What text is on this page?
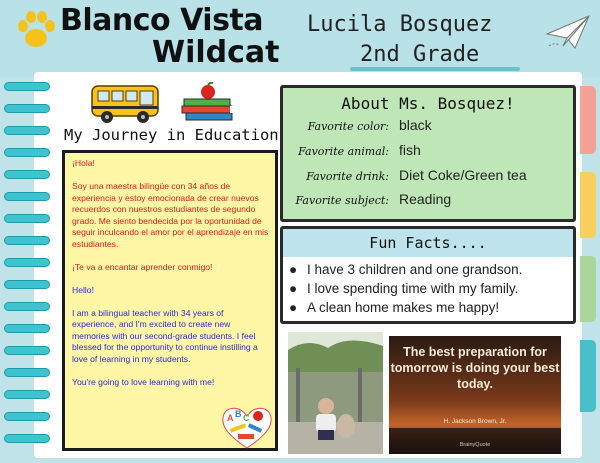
Blanco Vista
Wildcat
Lucila Bosquez
2nd Grade
My Journey in Education

¡Hola!

Soy una maestra bilingüe con 34 años de experiencia y estoy emocionada de crear nuevos recuerdos con nuestros estudiantes de segundo grado. Me siento bendecida por la oportunidad de seguir inculcando el amor por el aprendizaje en mis estudiantes.

¡Te va a encantar aprender conmigo!

Hello!

I am a bilingual teacher with 34 years of experience, and I'm excited to create new memories with our second-grade students. I feel blessed for the opportunity to continue instilling a love of learning in my students.

You're going to love learning with me!

A B C
About Ms. Bosquez!
Favorite color: black
Favorite animal: fish
Favorite drink: Diet Coke/Green tea
Favorite subject: Reading
Fun Facts....
● I have 3 children and one grandson.
● I love spending time with my family.
● A clean home makes me happy!
The best preparation for tomorrow is doing your best today.
H. Jackson Brown, Jr.
BrainyQuote
